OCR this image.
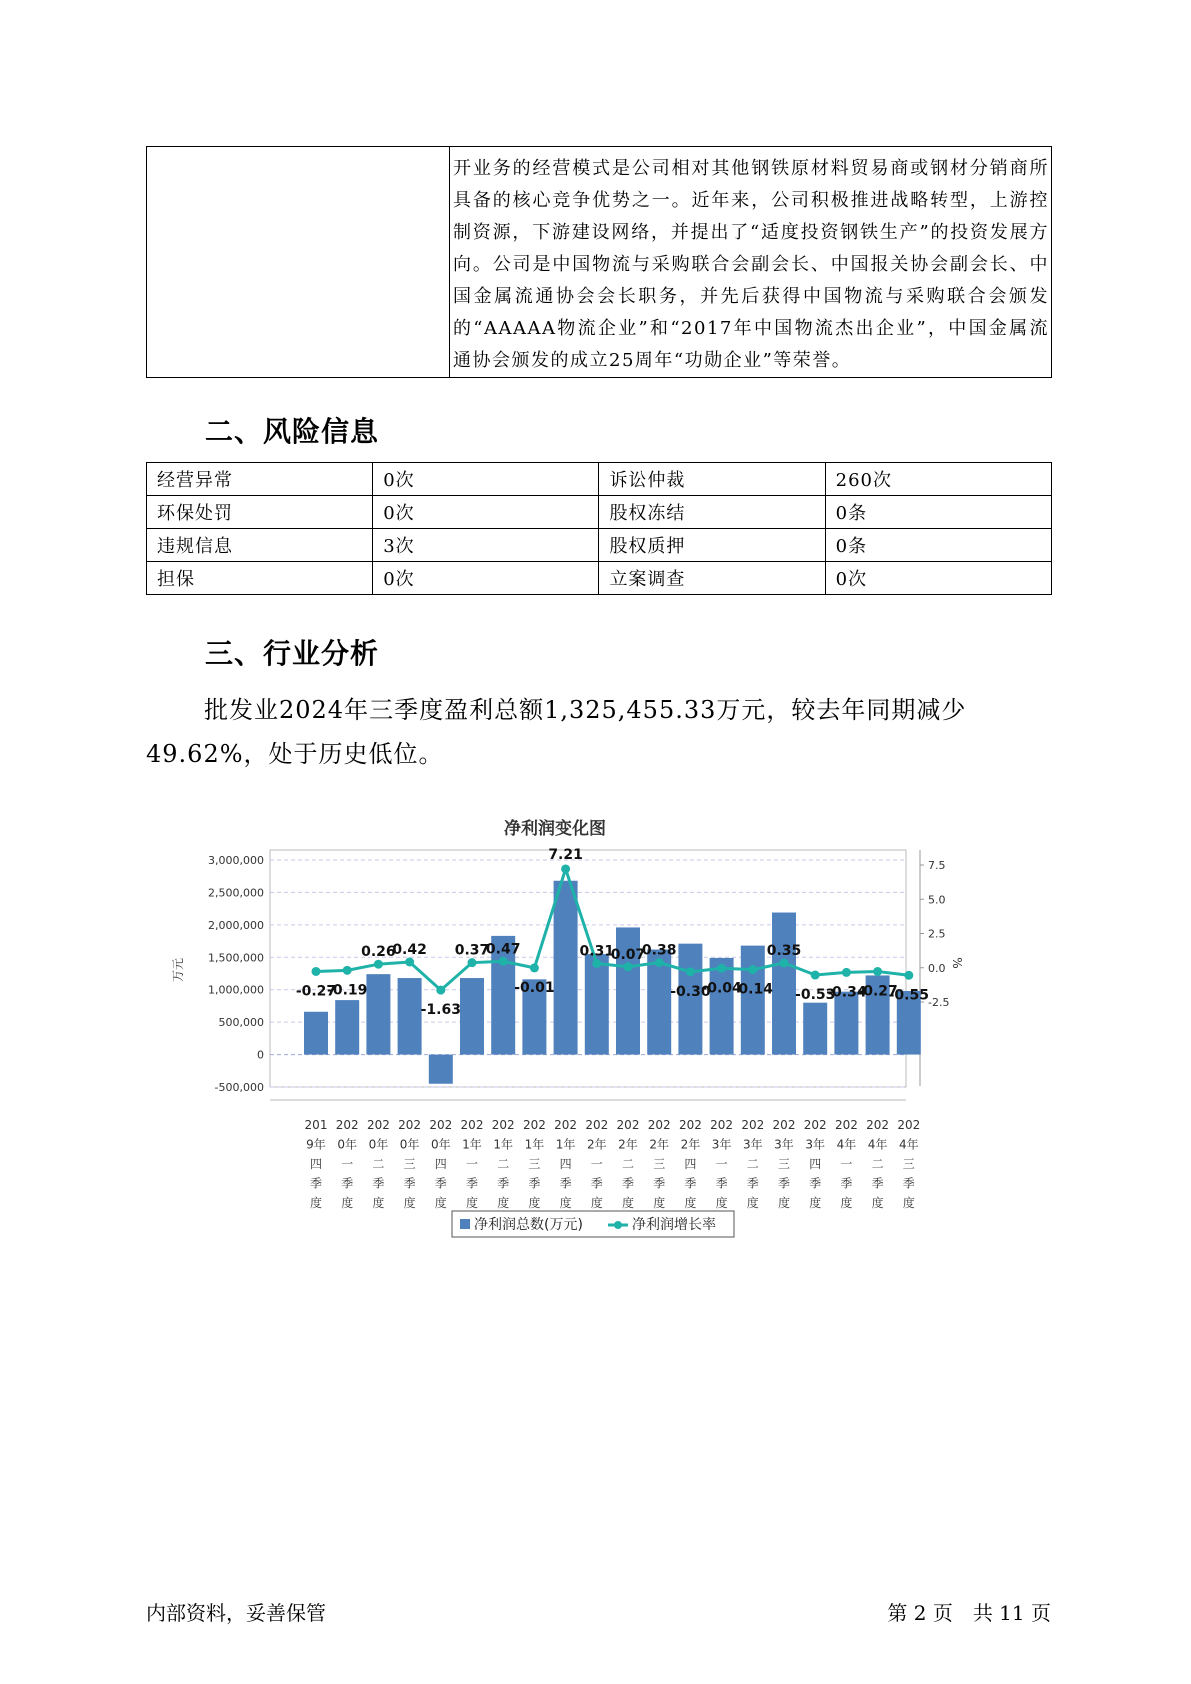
	开业务的经营模式是公司相对其他钢铁原材料贸易商或钢材分销商所具备的核心竞争优势之一。近年来，公司积极推进战略转型，上游控制资源，下游建设网络，并提出了“适度投资钢铁生产”的投资发展方向。公司是中国物流与采购联合会副会长、中国报关协会副会长、中国金属流通协会会长职务，并先后获得中国物流与采购联合会颁发的“AAAAA物流企业”和“2017年中国物流杰出企业”，中国金属流通协会颁发的成立25周年“功勋企业”等荣誉。
二、风险信息
经营异常	0次	诉讼仲裁	260次
环保处罚	0次	股权冻结	0条
违规信息	3次	股权质押	0条
担保	0次	立案调查	0次
三、行业分析
批发业2024年三季度盈利总额1,325,455.33万元，较去年同期减少49.62%，处于历史低位。
净利润变化图
3,000,000
2,500,000
2,000,000
1,500,000
1,000,000
500,000
0
-500,000
万元
7.5
5.0
2.5
0.0
-2.5
%
-0.27
-0.19
0.26
0.42
-1.63
0.37
0.47
-0.01
7.21
0.31
0.07
0.38
-0.30
-0.04
-0.14
0.35
-0.53
-0.34
-0.27
-0.55
201
9年
四
季
度
202
0年
一
季
度
202
0年
二
季
度
202
0年
三
季
度
202
0年
四
季
度
202
1年
一
季
度
202
1年
二
季
度
202
1年
三
季
度
202
1年
四
季
度
202
2年
一
季
度
202
2年
二
季
度
202
2年
三
季
度
202
2年
四
季
度
202
3年
一
季
度
202
3年
二
季
度
202
3年
三
季
度
202
3年
四
季
度
202
4年
一
季
度
202
4年
二
季
度
202
4年
三
季
度
净利润总数(万元)	净利润增长率
内部资料，妥善保管	第 2 页　共 11 页
